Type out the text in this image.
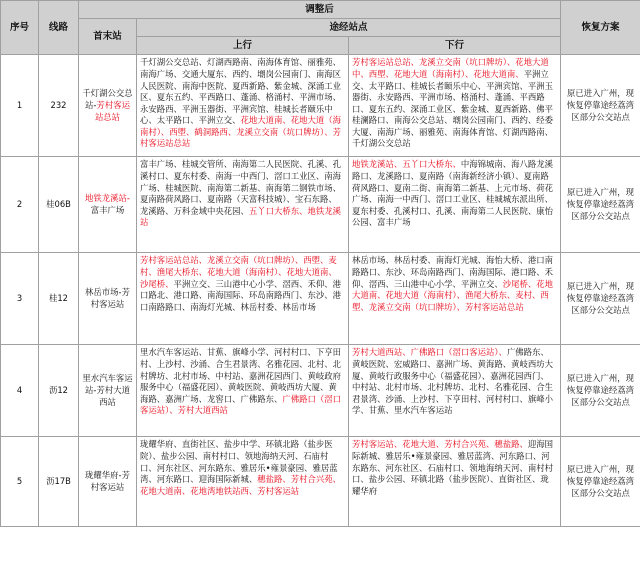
序号	线路	调整后			恢复方案
		首末站	途经站点		
			上行	下行	
1	232	千灯湖公交总站-芳村客运站总站	千灯湖公交总站、灯湖西路南、南海体育馆、丽雅苑、南海广场、交通大厦东、西约、㙟岗公园南门、南海区人民医院、南海中医院、夏西新路、紫金城、深涌工业区、夏东五约、平西路口、蓬涌、格涌村、平洲市场、永安路西、平洲玉器街、平洲宾馆、桂城长者颐乐中心、太平路口、平洲立交、花地大道南、花地大道（海南村）、西塱、鹤洞路西、龙溪立交南（坑口牌坊）、芳村客运站总站	芳村客运站总站、龙溪立交南（坑口牌坊）、花地大道中、西塱、花地大道（海南村）、花地大道南、平洲立交、太平路口、桂城长者颐乐中心、平洲宾馆、平洲玉器街、永安路西、平洲市场、格涌村、蓬涌、平西路口、夏东五约、深涌工业区、紫金城、夏西新路、佛平桂澜路口、南海公交总站、㙟岗公园南门、西约、经委大厦、南海广场、丽雅苑、南海体育馆、灯湖西路南、千灯湖公交总站	原已进入广州，现恢复停靠途经荔湾区部分公交站点
2	桂06B	地铁龙溪站-富丰广场	富丰广场、桂城交管所、南海第二人民医院、孔溪、孔溪村口、夏东村委、南海一中西门、滘口工业区、南海广场、桂城医院、南海第二新基、南海第二钢铁市场、夏南路荷风路口、夏南路（天富科技城）、宝石东路、龙溪路、万科金域中央花园、五丫口大桥东、地铁龙溪站	地铁龙溪站、五丫口大桥东、中海锦城南、海八路龙溪路口、龙溪路口、夏南路（南海新经济小镇）、夏南路荷风路口、夏南二街、南海第二新基、上元市场、荷花广场、南海一中西门、滘口工业区、桂城城东派出所、夏东村委、孔溪村口、孔溪、南海第二人民医院、康怡公园、富丰广场	原已进入广州，现恢复停靠途经荔湾区部分公交站点
3	桂12	林岳市场-芳村客运站	芳村客运站总站、龙溪立交南（坑口牌坊）、西塱、麦村、渔尾大桥东、花地大道（海南村）、花地大道南、沙尾桥、平洲立交、三山港中心小学、滘西、禾仰、港口路北、港口路、南海国际、环岛南路西门、东沙、港口南路路口、南海灯光城、林岳村委、林岳市场	林岳市场、林岳村委、南海灯光城、海怡大桥、港口南路路口、东沙、环岛南路西门、南海国际、港口路、禾仰、滘西、三山港中心小学、平洲立交、沙尾桥、花地大道南、花地大道（海南村）、渔尾大桥东、麦村、西塱、龙溪立交南（坑口牌坊）、芳村客运站总站	原已进入广州，现恢复停靠途经荔湾区部分公交站点
4	沥12	里水汽车客运站-芳村大道西站	里水汽车客运站、甘蕉、旗峰小学、河村村口、下亨田村、上沙村、沙涌、合生君景湾、名雅花园、北村、北村牌坊、北村市场、中村站、嘉洲花园西门、黄岐政府服务中心（福盛花园）、黄岐医院、黄岐西坊大厦、黄海路、嘉洲广场、龙窖口、广佛路东、广佛路口（滘口客运站）、芳村大道西站	芳村大道西站、广佛路口（滘口客运站）、广佛路东、黄岐医院、宏威路口、嘉洲广场、黄海路、黄岐西坊大厦、黄岐行政服务中心（福盛花园）、嘉洲花园西门、中村站、北村市场、北村牌坊、北村、名雅花园、合生君景湾、沙涌、上沙村、下亨田村、河村村口、旗峰小学、甘蕉、里水汽车客运站	原已进入广州，现恢复停靠途经荔湾区部分公交站点
5	沥17B	珑耀华府-芳村客运站	珑耀华府、直街社区、盐步中学、环镇北路（盐步医院）、盐步公园、南村村口、领地海纳天河、石庙村口、河东社区、河东路东、雅居乐•雍景豪园、雅居蓝湾、河东路口、迎海国际新城、穗盐路、芳村合兴苑、花地大道南、花地湾地铁站西、芳村客运站	芳村客运站、花地大道、芳村合兴苑、穗盐路、迎海国际新城、雅居乐•雍景豪园、雅居蓝湾、河东路口、河东路东、河东社区、石庙村口、领地海纳天河、南村村口、盐步公园、环镇北路（盐步医院）、直街社区、珑耀华府	原已进入广州，现恢复停靠途经荔湾区部分公交站点
